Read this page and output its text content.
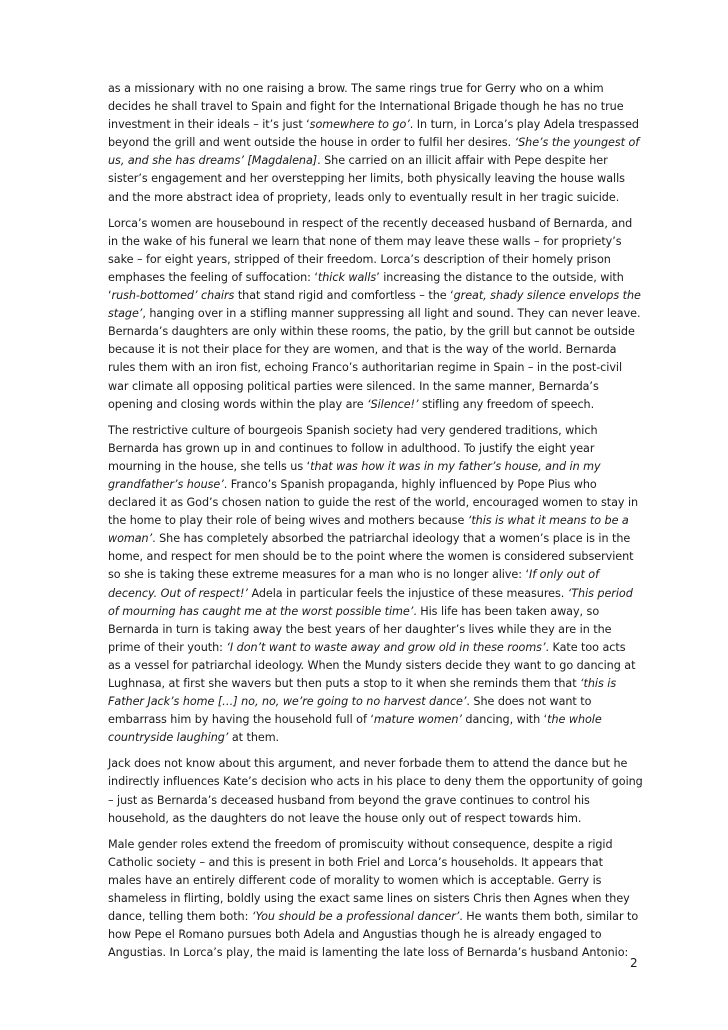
as a missionary with no one raising a brow. The same rings true for Gerry who on a whim
decides he shall travel to Spain and fight for the International Brigade though he has no true
investment in their ideals – it’s just ‘somewhere to go’. In turn, in Lorca’s play Adela trespassed
beyond the grill and went outside the house in order to fulfil her desires. ‘She’s the youngest of
us, and she has dreams’ [Magdalena]. She carried on an illicit affair with Pepe despite her
sister’s engagement and her overstepping her limits, both physically leaving the house walls
and the more abstract idea of propriety, leads only to eventually result in her tragic suicide.
Lorca’s women are housebound in respect of the recently deceased husband of Bernarda, and
in the wake of his funeral we learn that none of them may leave these walls – for propriety’s
sake – for eight years, stripped of their freedom. Lorca’s description of their homely prison
emphases the feeling of suffocation: ‘thick walls’ increasing the distance to the outside, with
‘rush-bottomed’ chairs that stand rigid and comfortless – the ‘great, shady silence envelops the
stage’, hanging over in a stifling manner suppressing all light and sound. They can never leave.
Bernarda’s daughters are only within these rooms, the patio, by the grill but cannot be outside
because it is not their place for they are women, and that is the way of the world. Bernarda
rules them with an iron fist, echoing Franco’s authoritarian regime in Spain – in the post-civil
war climate all opposing political parties were silenced. In the same manner, Bernarda’s
opening and closing words within the play are ‘Silence!’ stifling any freedom of speech.
The restrictive culture of bourgeois Spanish society had very gendered traditions, which
Bernarda has grown up in and continues to follow in adulthood. To justify the eight year
mourning in the house, she tells us ‘that was how it was in my father’s house, and in my
grandfather’s house’. Franco’s Spanish propaganda, highly influenced by Pope Pius who
declared it as God’s chosen nation to guide the rest of the world, encouraged women to stay in
the home to play their role of being wives and mothers because ‘this is what it means to be a
woman’. She has completely absorbed the patriarchal ideology that a women’s place is in the
home, and respect for men should be to the point where the women is considered subservient
so she is taking these extreme measures for a man who is no longer alive: ‘If only out of
decency. Out of respect!’ Adela in particular feels the injustice of these measures. ‘This period
of mourning has caught me at the worst possible time’. His life has been taken away, so
Bernarda in turn is taking away the best years of her daughter’s lives while they are in the
prime of their youth: ‘I don’t want to waste away and grow old in these rooms’. Kate too acts
as a vessel for patriarchal ideology. When the Mundy sisters decide they want to go dancing at
Lughnasa, at first she wavers but then puts a stop to it when she reminds them that ‘this is
Father Jack’s home […] no, no, we’re going to no harvest dance’. She does not want to
embarrass him by having the household full of ‘mature women’ dancing, with ‘the whole
countryside laughing’ at them.
Jack does not know about this argument, and never forbade them to attend the dance but he
indirectly influences Kate’s decision who acts in his place to deny them the opportunity of going
– just as Bernarda’s deceased husband from beyond the grave continues to control his
household, as the daughters do not leave the house only out of respect towards him.
Male gender roles extend the freedom of promiscuity without consequence, despite a rigid
Catholic society – and this is present in both Friel and Lorca’s households. It appears that
males have an entirely different code of morality to women which is acceptable. Gerry is
shameless in flirting, boldly using the exact same lines on sisters Chris then Agnes when they
dance, telling them both: ‘You should be a professional dancer’. He wants them both, similar to
how Pepe el Romano pursues both Adela and Angustias though he is already engaged to
Angustias. In Lorca’s play, the maid is lamenting the late loss of Bernarda’s husband Antonio:
2
